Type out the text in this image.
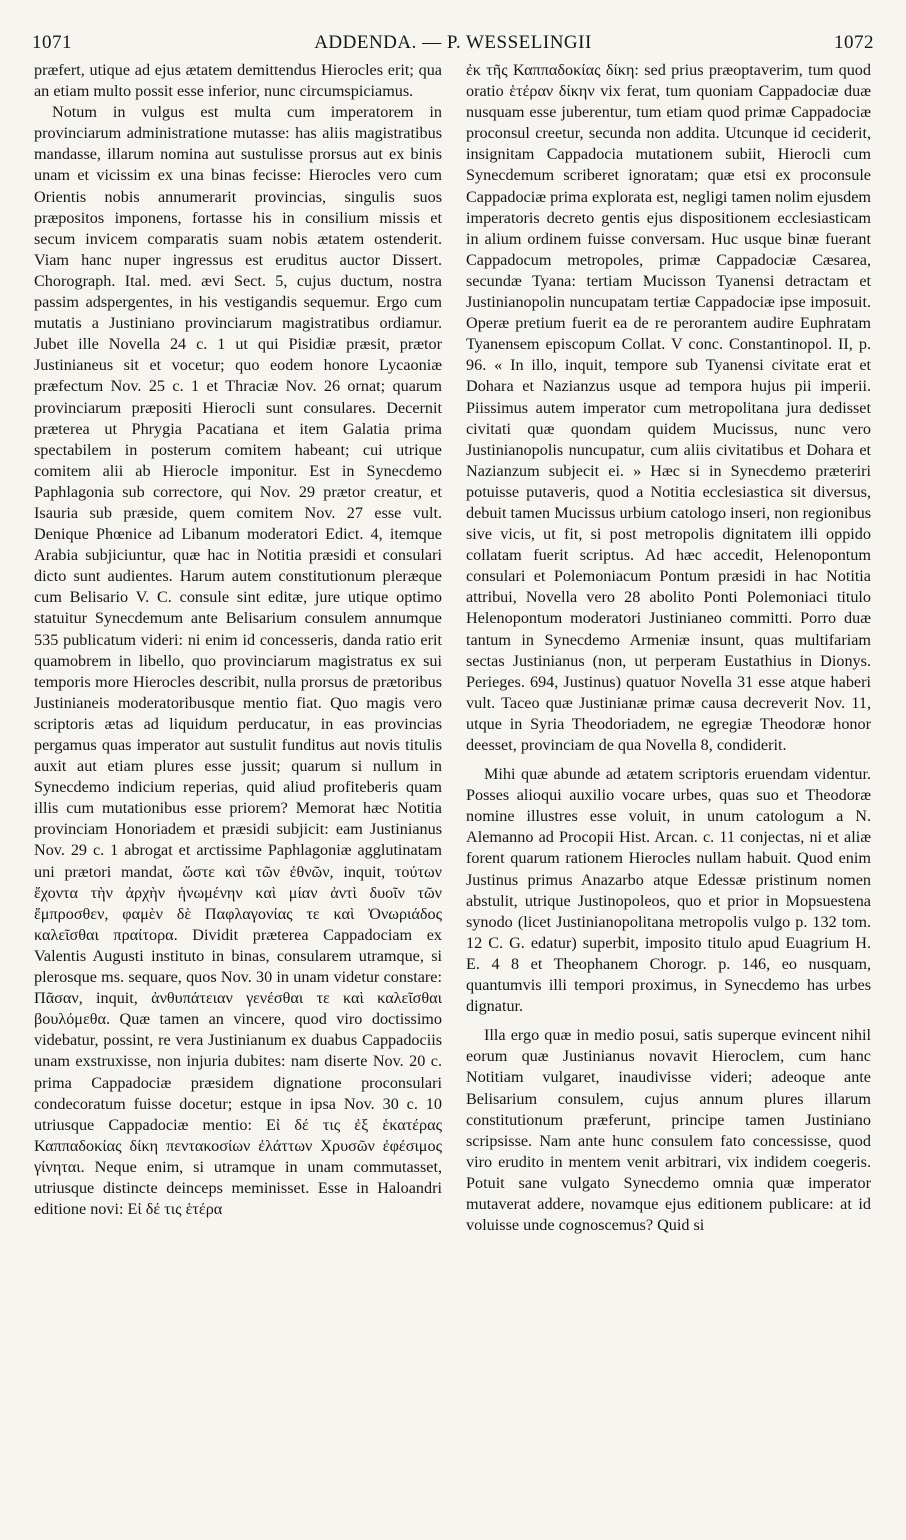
1071	ADDENDA. — P. WESSELINGII	1072

præfert, utique ad ejus ætatem demittendus Hierocles erit; qua an etiam multo possit esse inferior, nunc circumspiciamus.

Notum in vulgus est multa cum imperatorem in provinciarum administratione mutasse: has aliis magistratibus mandasse, illarum nomina aut sustulisse prorsus aut ex binis unam et vicissim ex una binas fecisse: Hierocles vero cum Orientis nobis annumerarit provincias, singulis suos præpositos imponens, fortasse his in consilium missis et secum invicem comparatis suam nobis ætatem ostenderit. Viam hanc nuper ingressus est eruditus auctor Dissert. Chorograph. Ital. med. ævi Sect. 5, cujus ductum, nostra passim adspergentes, in his vestigandis sequemur. Ergo cum mutatis a Justiniano provinciarum magistratibus ordiamur. Jubet ille Novella 24 c. 1 ut qui Pisidiæ præsit, prætor Justinianeus sit et vocetur; quo eodem honore Lycaoniæ præfectum Nov. 25 c. 1 et Thraciæ Nov. 26 ornat; quarum provinciarum præpositi Hierocli sunt consulares. Decernit præterea ut Phrygia Pacatiana et item Galatia prima spectabilem in posterum comitem habeant; cui utrique comitem alii ab Hierocle imponitur. Est in Synecdemo Paphlagonia sub correctore, qui Nov. 29 prætor creatur, et Isauria sub præside, quem comitem Nov. 27 esse vult. Denique Phœnice ad Libanum moderatori Edict. 4, itemque Arabia subjiciuntur, quæ hac in Notitia præsidi et consulari dicto sunt audientes. Harum autem constitutionum pleræque cum Belisario V. C. consule sint editæ, jure utique optimo statuitur Synecdemum ante Belisarium consulem annumque 535 publicatum videri: ni enim id concesseris, danda ratio erit quamobrem in libello, quo provinciarum magistratus ex sui temporis more Hierocles describit, nulla prorsus de prætoribus Justinianeis moderatoribusque mentio fiat. Quo magis vero scriptoris ætas ad liquidum perducatur, in eas provincias pergamus quas imperator aut sustulit funditus aut novis titulis auxit aut etiam plures esse jussit; quarum si nullum in Synecdemo indicium reperias, quid aliud profiteberis quam illis cum mutationibus esse priorem? Memorat hæc Notitia provinciam Honoriadem et præsidi subjicit: eam Justinianus Nov. 29 c. 1 abrogat et arctissime Paphlagoniæ agglutinatam uni prætori mandat, ὥστε καὶ τῶν ἐθνῶν, inquit, τούτων ἔχοντα τὴν ἀρχὴν ἡνωμένην καὶ μίαν ἀντὶ δυοῖν τῶν ἔμπροσθεν, φαμὲν δὲ Παφλαγονίας τε καὶ Ὀνωριάδος καλεῖσθαι πραίτορα. Dividit præterea Cappadociam ex Valentis Augusti instituto in binas, consularem utramque, si plerosque ms. sequare, quos Nov. 30 in unam videtur constare: Πᾶσαν, inquit, ἀνθυπάτειαν γενέσθαι τε καὶ καλεῖσθαι βουλόμεθα. Quæ tamen an vincere, quod viro doctissimo videbatur, possint, re vera Justinianum ex duabus Cappadociis unam exstruxisse, non injuria dubites: nam diserte Nov. 20 c. prima Cappadociæ præsidem dignatione proconsulari condecoratum fuisse docetur; estque in ipsa Nov. 30 c. 10 utriusque Cappadociæ mentio: Εἰ δέ τις ἐξ ἑκατέρας Καππαδοκίας δίκη πεντακοσίων ἐλάττων Χρυσῶν ἐφέσιμος γίνηται. Neque enim, si utramque in unam commutasset, utriusque distincte deinceps meminisset. Esse in Haloandri editione novi: Εἰ δέ τις ἑτέρα

ἐκ τῆς Καππαδοκίας δίκη: sed prius præoptaverim, tum quod oratio ἑτέραν δίκην vix ferat, tum quoniam Cappadociæ duæ nusquam esse juberentur, tum etiam quod primæ Cappadociæ proconsul creetur, secunda non addita. Utcunque id ceciderit, insignitam Cappadocia mutationem subiit, Hierocli cum Synecdemum scriberet ignoratam; quæ etsi ex proconsule Cappadociæ prima explorata est, negligi tamen nolim ejusdem imperatoris decreto gentis ejus dispositionem ecclesiasticam in alium ordinem fuisse conversam. Huc usque binæ fuerant Cappadocum metropoles, primæ Cappadociæ Cæsarea, secundæ Tyana: tertiam Mucisson Tyanensi detractam et Justinianopolin nuncupatam tertiæ Cappadociæ ipse imposuit. Operæ pretium fuerit ea de re perorantem audire Euphratam Tyanensem episcopum Collat. V conc. Constantinopol. II, p. 96. « In illo, inquit, tempore sub Tyanensi civitate erat et Dohara et Nazianzus usque ad tempora hujus pii imperii. Piissimus autem imperator cum metropolitana jura dedisset civitati quæ quondam quidem Mucissus, nunc vero Justinianopolis nuncupatur, cum aliis civitatibus et Dohara et Nazianzum subjecit ei. » Hæc si in Synecdemo præteriri potuisse putaveris, quod a Notitia ecclesiastica sit diversus, debuit tamen Mucissus urbium catologo inseri, non regionibus sive vicis, ut fit, si post metropolis dignitatem illi oppido collatam fuerit scriptus. Ad hæc accedit, Helenopontum consulari et Polemoniacum Pontum præsidi in hac Notitia attribui, Novella vero 28 abolito Ponti Polemoniaci titulo Helenopontum moderatori Justinianeo committi. Porro duæ tantum in Synecdemo Armeniæ insunt, quas multifariam sectas Justinianus (non, ut perperam Eustathius in Dionys. Perieges. 694, Justinus) quatuor Novella 31 esse atque haberi vult. Taceo quæ Justinianæ primæ causa decreverit Nov. 11, utque in Syria Theodoriadem, ne egregiæ Theodoræ honor deesset, provinciam de qua Novella 8, condiderit.

Mihi quæ abunde ad ætatem scriptoris eruendam videntur. Posses alioqui auxilio vocare urbes, quas suo et Theodoræ nomine illustres esse voluit, in unum catologum a N. Alemanno ad Procopii Hist. Arcan. c. 11 conjectas, ni et aliæ forent quarum rationem Hierocles nullam habuit. Quod enim Justinus primus Anazarbo atque Edessæ pristinum nomen abstulit, utrique Justinopoleos, quo et prior in Mopsuestena synodo (licet Justinianopolitana metropolis vulgo p. 132 tom. 12 C. G. edatur) superbit, imposito titulo apud Euagrium H. E. 4 8 et Theophanem Chorogr. p. 146, eo nusquam, quantumvis illi tempori proximus, in Synecdemo has urbes dignatur.

Illa ergo quæ in medio posui, satis superque evincent nihil eorum quæ Justinianus novavit Hieroclem, cum hanc Notitiam vulgaret, inaudivisse videri; adeoque ante Belisarium consulem, cujus annum plures illarum constitutionum præferunt, principe tamen Justiniano scripsisse. Nam ante hunc consulem fato concessisse, quod viro erudito in mentem venit arbitrari, vix indidem coegeris. Potuit sane vulgato Synecdemo omnia quæ imperator mutaverat addere, novamque ejus editionem publicare: at id voluisse unde cognoscemus? Quid si
